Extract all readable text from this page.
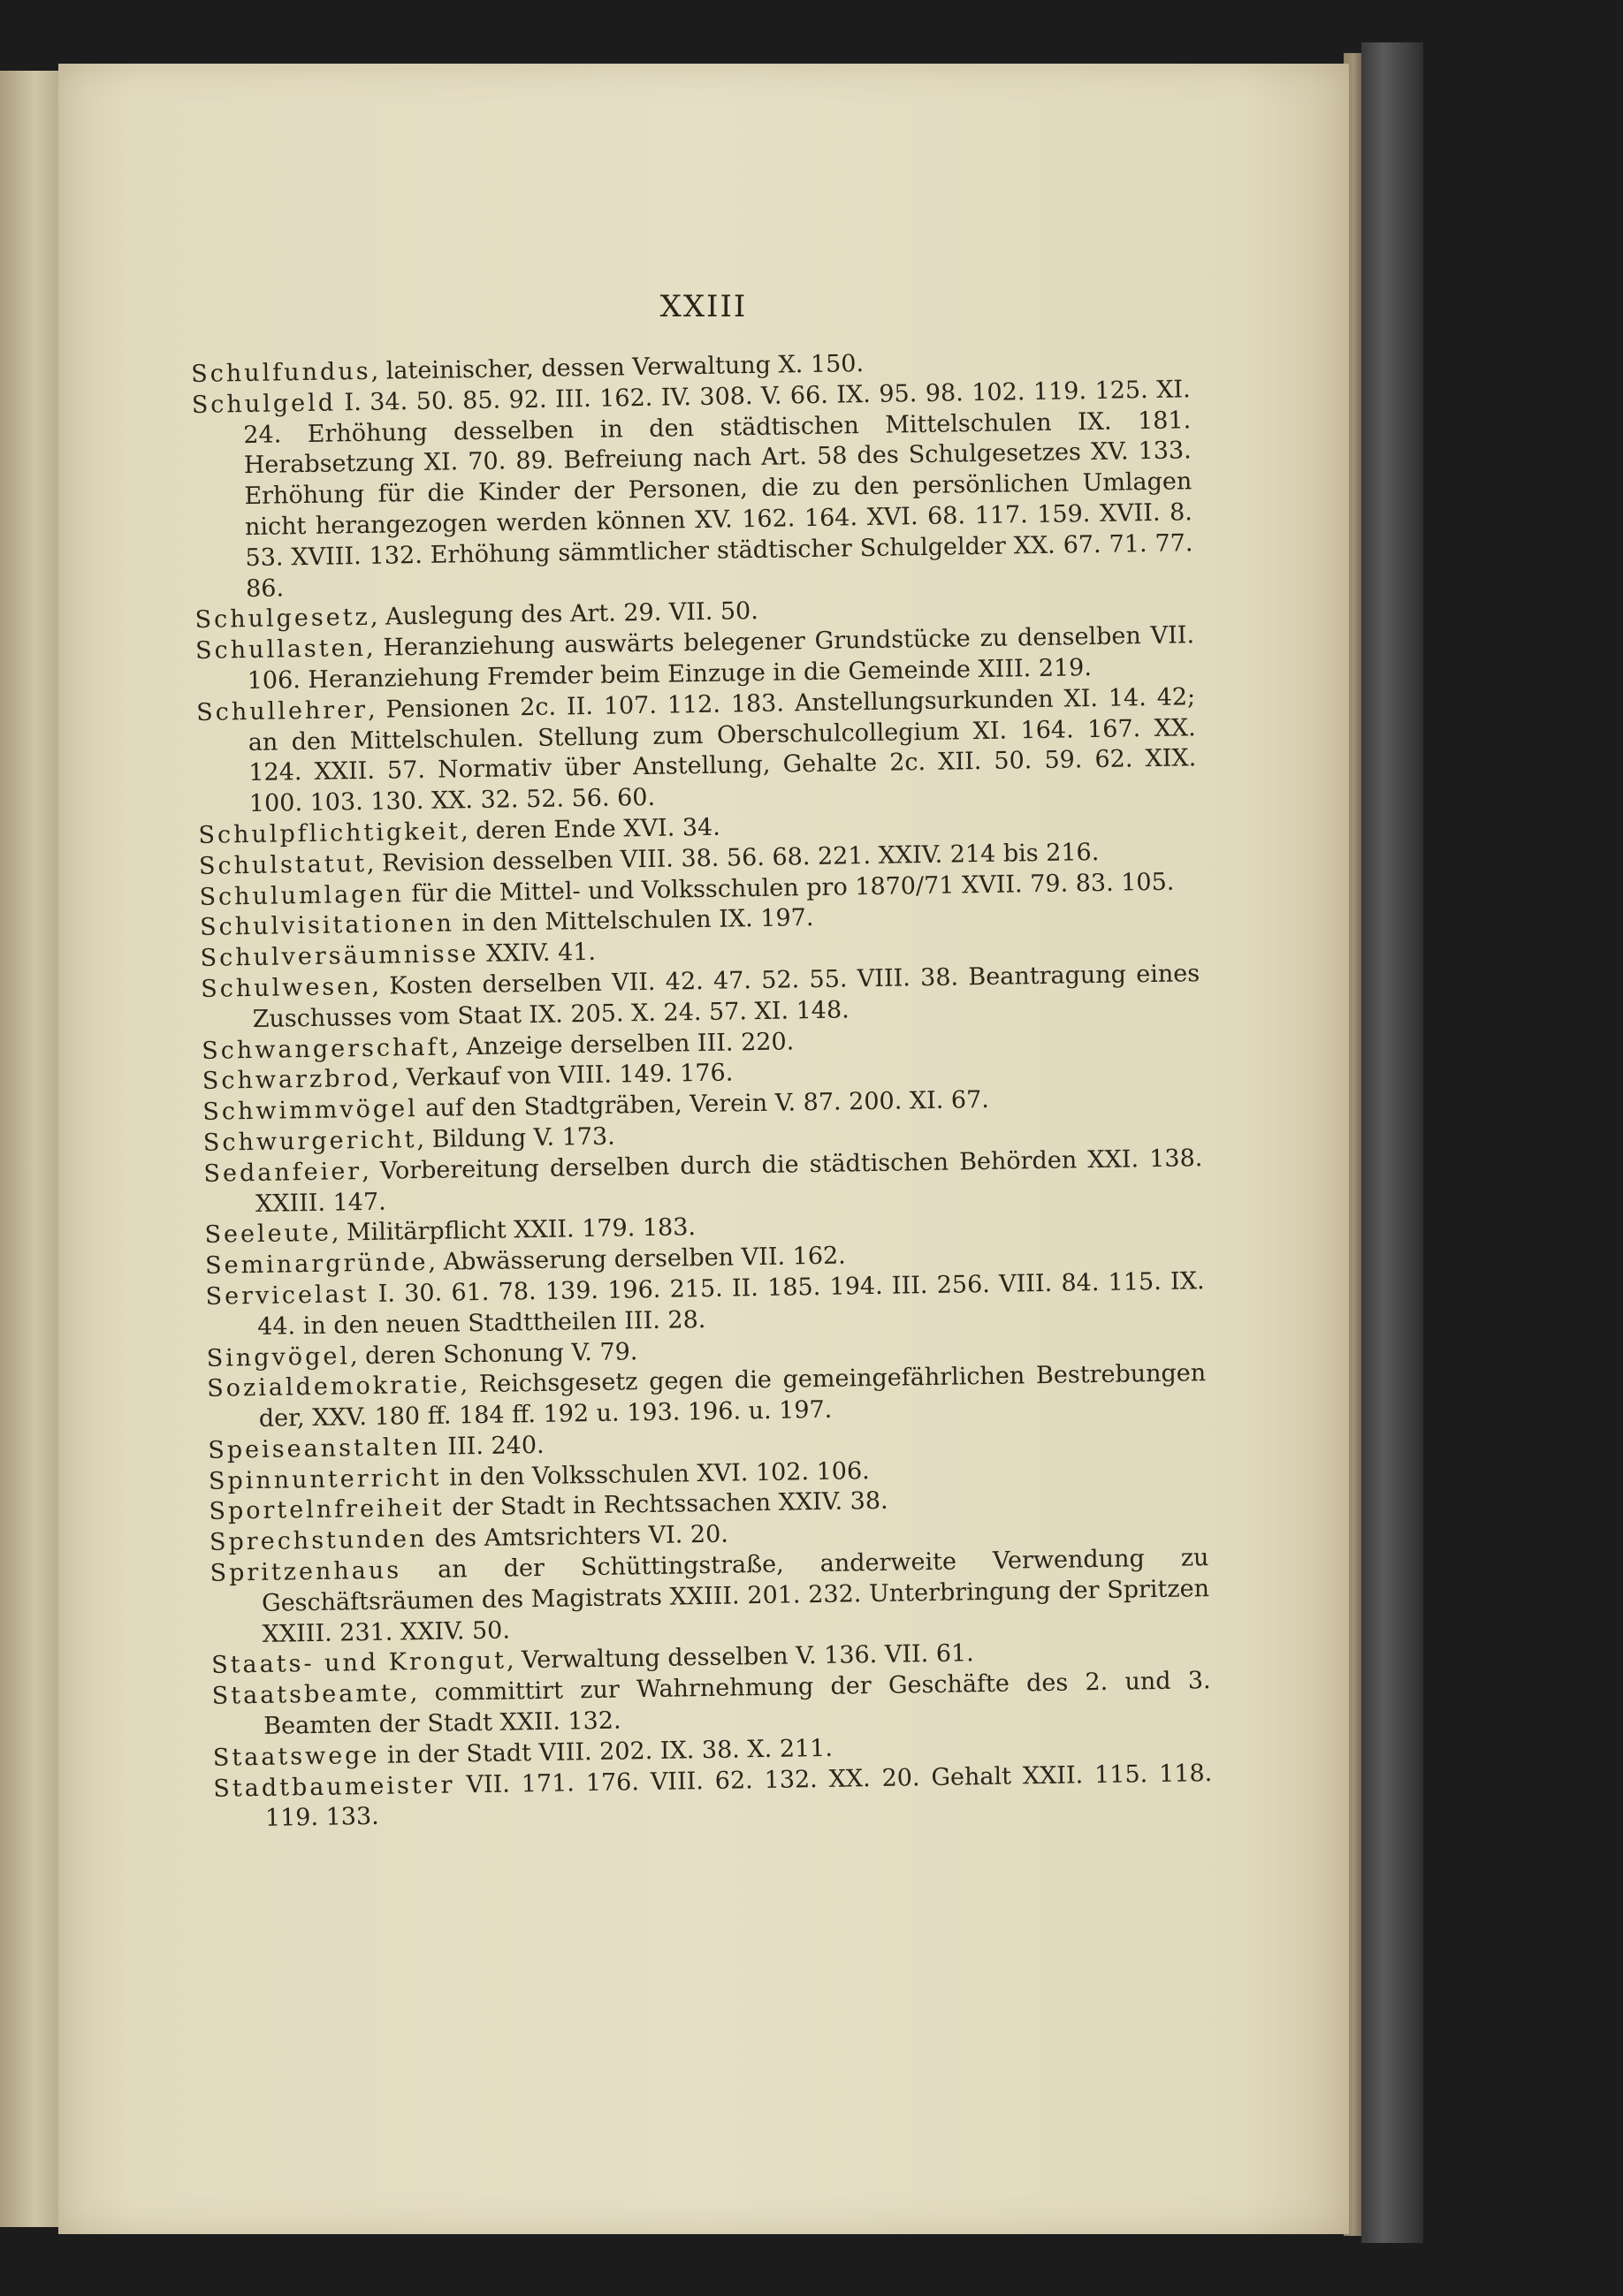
XXIII

Schulfundus, lateinischer, dessen Verwaltung X. 150.

Schulgeld I. 34. 50. 85. 92. III. 162. IV. 308. V. 66. IX. 95. 98. 102. 119. 125. XI. 24. Erhöhung desselben in den städtischen Mittelschulen IX. 181. Herabsetzung XI. 70. 89. Befreiung nach Art. 58 des Schulgesetzes XV. 133. Erhöhung für die Kinder der Personen, die zu den persönlichen Umlagen nicht herangezogen werden können XV. 162. 164. XVI. 68. 117. 159. XVII. 8. 53. XVIII. 132. Erhöhung sämmtlicher städtischer Schulgelder XX. 67. 71. 77. 86.

Schulgesetz, Auslegung des Art. 29. VII. 50.

Schullasten, Heranziehung auswärts belegener Grundstücke zu denselben VII. 106. Heranziehung Fremder beim Einzuge in die Gemeinde XIII. 219.

Schullehrer, Pensionen 2c. II. 107. 112. 183. Anstellungsurkunden XI. 14. 42; an den Mittelschulen. Stellung zum Oberschulcollegium XI. 164. 167. XX. 124. XXII. 57. Normativ über Anstellung, Gehalte 2c. XII. 50. 59. 62. XIX. 100. 103. 130. XX. 32. 52. 56. 60.

Schulpflichtigkeit, deren Ende XVI. 34.

Schulstatut, Revision desselben VIII. 38. 56. 68. 221. XXIV. 214 bis 216.

Schulumlagen für die Mittel- und Volksschulen pro 1870/71 XVII. 79. 83. 105.

Schulvisitationen in den Mittelschulen IX. 197.

Schulversäumnisse XXIV. 41.

Schulwesen, Kosten derselben VII. 42. 47. 52. 55. VIII. 38. Beantragung eines Zuschusses vom Staat IX. 205. X. 24. 57. XI. 148.

Schwangerschaft, Anzeige derselben III. 220.

Schwarzbrod, Verkauf von VIII. 149. 176.

Schwimmvögel auf den Stadtgräben, Verein V. 87. 200. XI. 67.

Schwurgericht, Bildung V. 173.

Sedanfeier, Vorbereitung derselben durch die städtischen Behörden XXI. 138. XXIII. 147.

Seeleute, Militärpflicht XXII. 179. 183.

Seminargründe, Abwässerung derselben VII. 162.

Servicelast I. 30. 61. 78. 139. 196. 215. II. 185. 194. III. 256. VIII. 84. 115. IX. 44. in den neuen Stadttheilen III. 28.

Singvögel, deren Schonung V. 79.

Sozialdemokratie, Reichsgesetz gegen die gemeingefährlichen Bestrebungen der, XXV. 180 ff. 184 ff. 192 u. 193. 196. u. 197.

Speiseanstalten III. 240.

Spinnunterricht in den Volksschulen XVI. 102. 106.

Sportelnfreiheit der Stadt in Rechtssachen XXIV. 38.

Sprechstunden des Amtsrichters VI. 20.

Spritzenhaus an der Schüttingstraße, anderweite Verwendung zu Geschäftsräumen des Magistrats XXIII. 201. 232. Unterbringung der Spritzen XXIII. 231. XXIV. 50.

Staats- und Krongut, Verwaltung desselben V. 136. VII. 61.

Staatsbeamte, committirt zur Wahrnehmung der Geschäfte des 2. und 3. Beamten der Stadt XXII. 132.

Staatswege in der Stadt VIII. 202. IX. 38. X. 211.

Stadtbaumeister VII. 171. 176. VIII. 62. 132. XX. 20. Gehalt XXII. 115. 118. 119. 133.
